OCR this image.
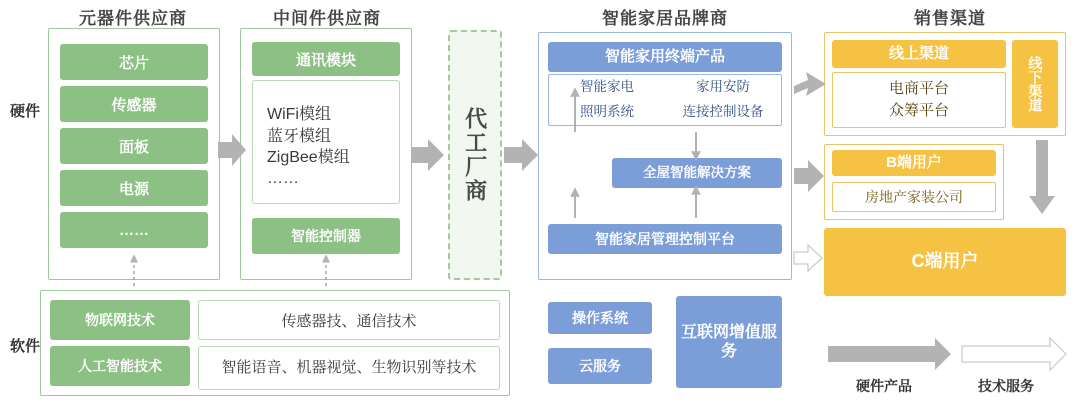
元器件供应商	中间件供应商	智能家居品牌商	销售渠道
硬件
软件
芯片
传感器
面板
电源
……
通讯模块
WiFi模组
蓝牙模组
ZigBee模组
……
智能控制器
代工厂商
智能家用终端产品
智能家电	家用安防
照明系统	连接控制设备
全屋智能解决方案
智能家居管理控制平台
操作系统
云服务
互联网增值服务
线上渠道
电商平台
众筹平台	线下渠道
B端用户
房地产家装公司
C端用户
物联网技术
人工智能技术
传感器技、通信技术
智能语音、机器视觉、生物识别等技术
硬件产品	技术服务
